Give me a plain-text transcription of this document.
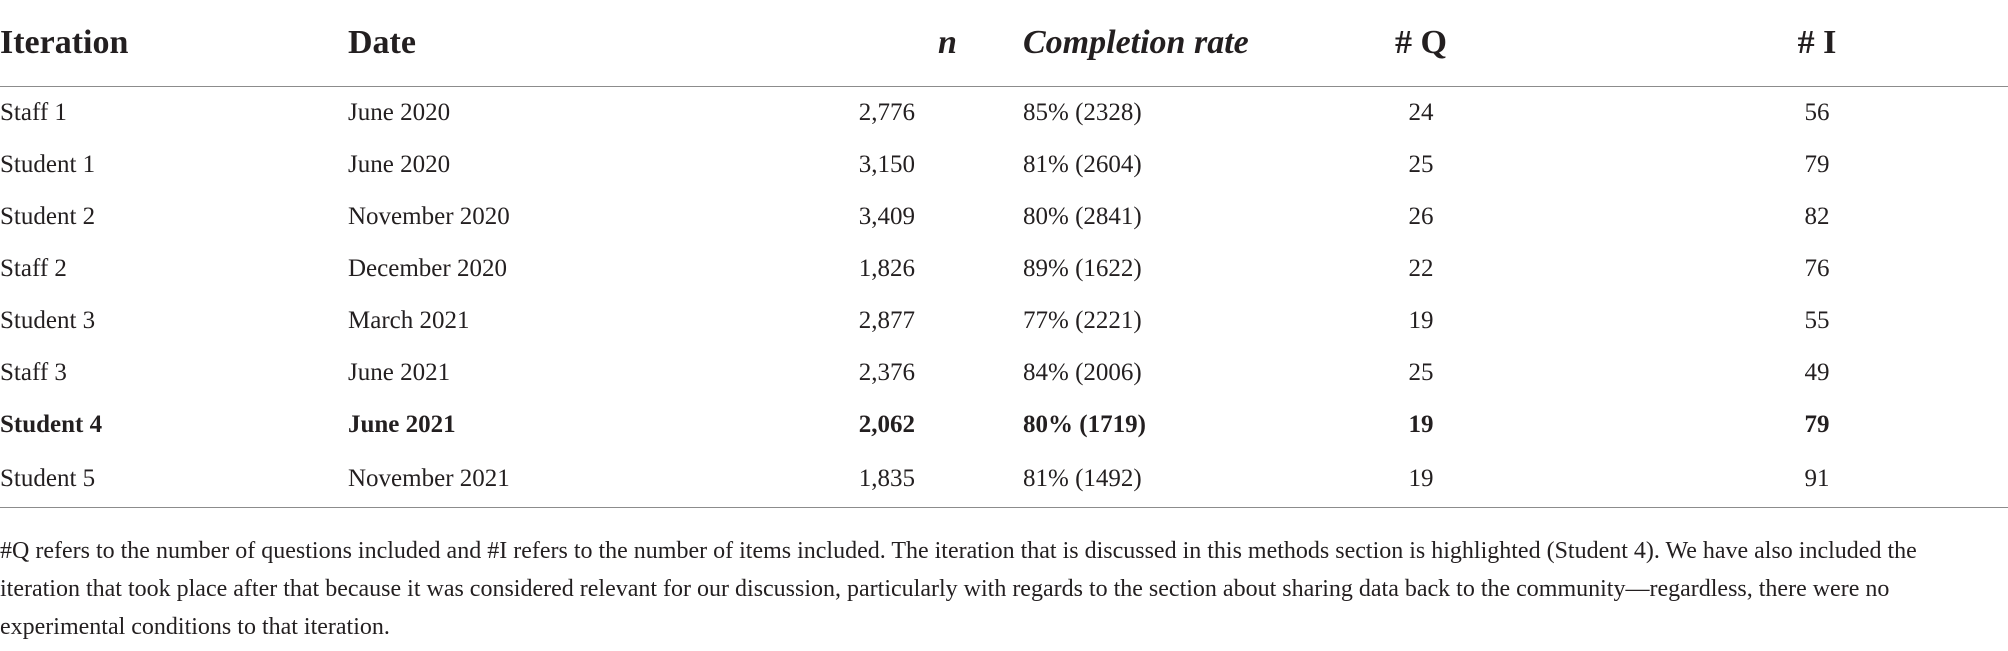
Iteration	Date	n	Completion rate	# Q	# I
Staff 1	June 2020	2,776	85% (2328)	24	56
Student 1	June 2020	3,150	81% (2604)	25	79
Student 2	November 2020	3,409	80% (2841)	26	82
Staff 2	December 2020	1,826	89% (1622)	22	76
Student 3	March 2021	2,877	77% (2221)	19	55
Staff 3	June 2021	2,376	84% (2006)	25	49
Student 4	June 2021	2,062	80% (1719)	19	79
Student 5	November 2021	1,835	81% (1492)	19	91
#Q refers to the number of questions included and #I refers to the number of items included. The iteration that is discussed in this methods section is highlighted (Student 4). We have also included the iteration that took place after that because it was considered relevant for our discussion, particularly with regards to the section about sharing data back to the community—regardless, there were no experimental conditions to that iteration.
